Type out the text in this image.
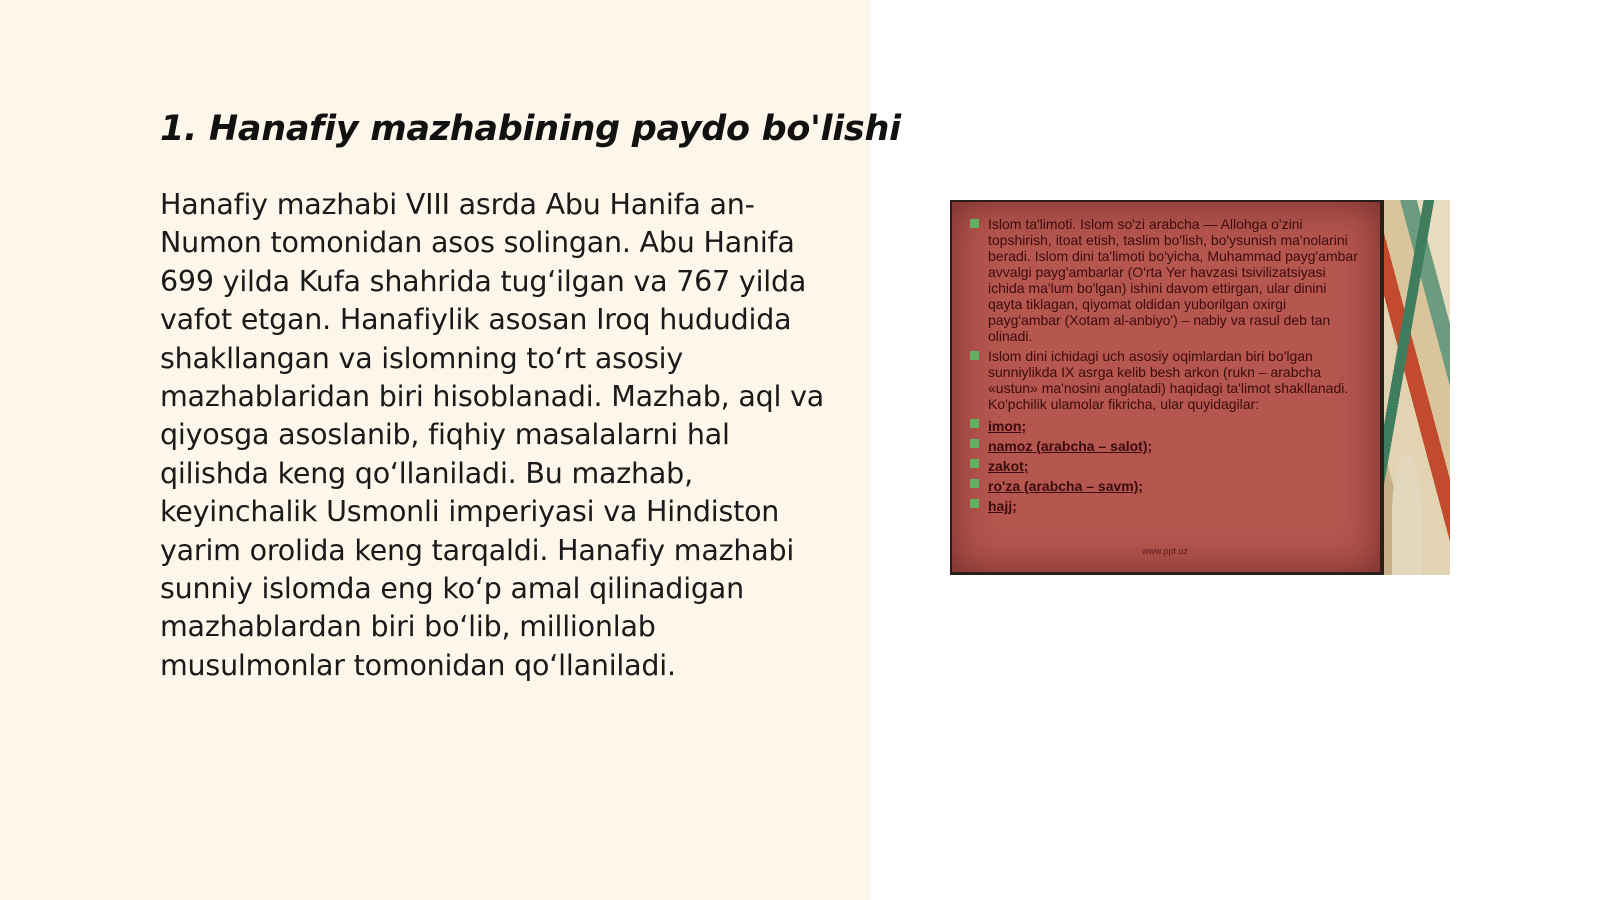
1. Hanafiy mazhabining paydo bo'lishi

Hanafiy mazhabi VIII asrda Abu Hanifa an-Numon tomonidan asos solingan. Abu Hanifa 699 yilda Kufa shahrida tug‘ilgan va 767 yilda vafot etgan. Hanafiylik asosan Iroq hududida shakllangan va islomning to‘rt asosiy mazhablaridan biri hisoblanadi. Mazhab, aql va qiyosga asoslanib, fiqhiy masalalarni hal qilishda keng qo‘llaniladi. Bu mazhab, keyinchalik Usmonli imperiyasi va Hindiston yarim orolida keng tarqaldi. Hanafiy mazhabi sunniy islomda eng ko‘p amal qilinadigan mazhablardan biri bo‘lib, millionlab musulmonlar tomonidan qo‘llaniladi.

Islom ta'limoti. Islom so'zi arabcha — Allohga o'zini topshirish, itoat etish, taslim bo'lish, bo'ysunish ma'nolarini beradi. Islom dini ta'limoti bo'yicha, Muhammad payg'ambar avvalgi payg'ambarlar (O'rta Yer havzasi tsivilizatsiyasi ichida ma'lum bo'lgan) ishini davom ettirgan, ular dinini qayta tiklagan, qiyomat oldidan yuborilgan oxirgi payg'ambar (Xotam al-anbiyo') – nabiy va rasul deb tan olinadi.

Islom dini ichidagi uch asosiy oqimlardan biri bo'lgan sunniylikda IX asrga kelib besh arkon (rukn – arabcha «ustun» ma'nosini anglatadi) haqidagi ta'limot shakllanadi. Ko'pchilik ulamolar fikricha, ular quyidagilar:

imon;
namoz (arabcha – salot);
zakot;
ro'za (arabcha – savm);
hajj;
www.ppt.uz
